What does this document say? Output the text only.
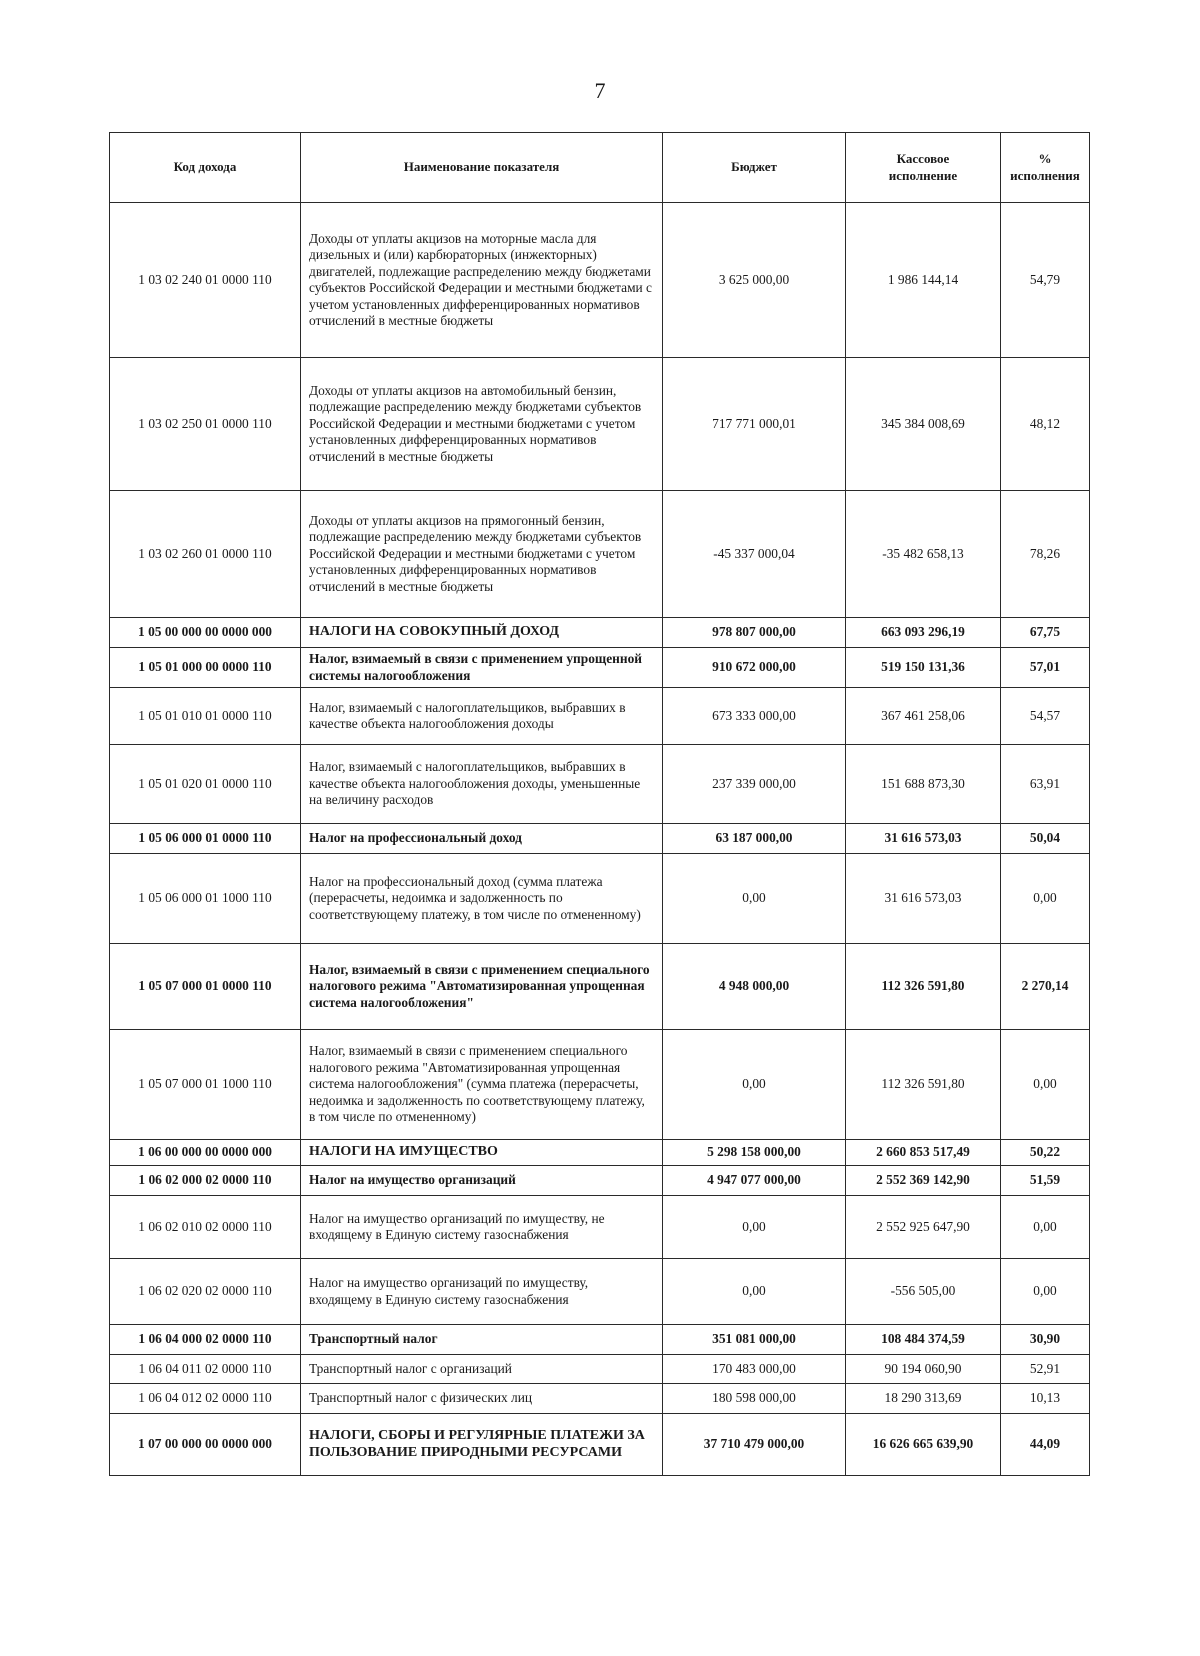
7
Код дохода	Наименование показателя	Бюджет	Кассовое исполнение	% исполнения
1 03 02 240 01 0000 110	Доходы от уплаты акцизов на моторные масла для дизельных и (или) карбюраторных (инжекторных) двигателей, подлежащие распределению между бюджетами субъектов Российской Федерации и местными бюджетами с учетом установленных дифференцированных нормативов отчислений в местные бюджеты	3 625 000,00	1 986 144,14	54,79
1 03 02 250 01 0000 110	Доходы от уплаты акцизов на автомобильный бензин, подлежащие распределению между бюджетами субъектов Российской Федерации и местными бюджетами с учетом установленных дифференцированных нормативов отчислений в местные бюджеты	717 771 000,01	345 384 008,69	48,12
1 03 02 260 01 0000 110	Доходы от уплаты акцизов на прямогонный бензин, подлежащие распределению между бюджетами субъектов Российской Федерации и местными бюджетами с учетом установленных дифференцированных нормативов отчислений в местные бюджеты	-45 337 000,04	-35 482 658,13	78,26
1 05 00 000 00 0000 000	НАЛОГИ НА СОВОКУПНЫЙ ДОХОД	978 807 000,00	663 093 296,19	67,75
1 05 01 000 00 0000 110	Налог, взимаемый в связи с применением упрощенной системы налогообложения	910 672 000,00	519 150 131,36	57,01
1 05 01 010 01 0000 110	Налог, взимаемый с налогоплательщиков, выбравших в качестве объекта налогообложения доходы	673 333 000,00	367 461 258,06	54,57
1 05 01 020 01 0000 110	Налог, взимаемый с налогоплательщиков, выбравших в качестве объекта налогообложения доходы, уменьшенные на величину расходов	237 339 000,00	151 688 873,30	63,91
1 05 06 000 01 0000 110	Налог на профессиональный доход	63 187 000,00	31 616 573,03	50,04
1 05 06 000 01 1000 110	Налог на профессиональный доход (сумма платежа (перерасчеты, недоимка и задолженность по соответствующему платежу, в том числе по отмененному)	0,00	31 616 573,03	0,00
1 05 07 000 01 0000 110	Налог, взимаемый в связи с применением специального налогового режима "Автоматизированная упрощенная система налогообложения"	4 948 000,00	112 326 591,80	2 270,14
1 05 07 000 01 1000 110	Налог, взимаемый в связи с применением специального налогового режима "Автоматизированная упрощенная система налогообложения" (сумма платежа (перерасчеты, недоимка и задолженность по соответствующему платежу, в том числе по отмененному)	0,00	112 326 591,80	0,00
1 06 00 000 00 0000 000	НАЛОГИ НА ИМУЩЕСТВО	5 298 158 000,00	2 660 853 517,49	50,22
1 06 02 000 02 0000 110	Налог на имущество организаций	4 947 077 000,00	2 552 369 142,90	51,59
1 06 02 010 02 0000 110	Налог на имущество организаций по имуществу, не входящему в Единую систему газоснабжения	0,00	2 552 925 647,90	0,00
1 06 02 020 02 0000 110	Налог на имущество организаций по имуществу, входящему в Единую систему газоснабжения	0,00	-556 505,00	0,00
1 06 04 000 02 0000 110	Транспортный налог	351 081 000,00	108 484 374,59	30,90
1 06 04 011 02 0000 110	Транспортный налог с организаций	170 483 000,00	90 194 060,90	52,91
1 06 04 012 02 0000 110	Транспортный налог с физических лиц	180 598 000,00	18 290 313,69	10,13
1 07 00 000 00 0000 000	НАЛОГИ, СБОРЫ И РЕГУЛЯРНЫЕ ПЛАТЕЖИ ЗА ПОЛЬЗОВАНИЕ ПРИРОДНЫМИ РЕСУРСАМИ	37 710 479 000,00	16 626 665 639,90	44,09
